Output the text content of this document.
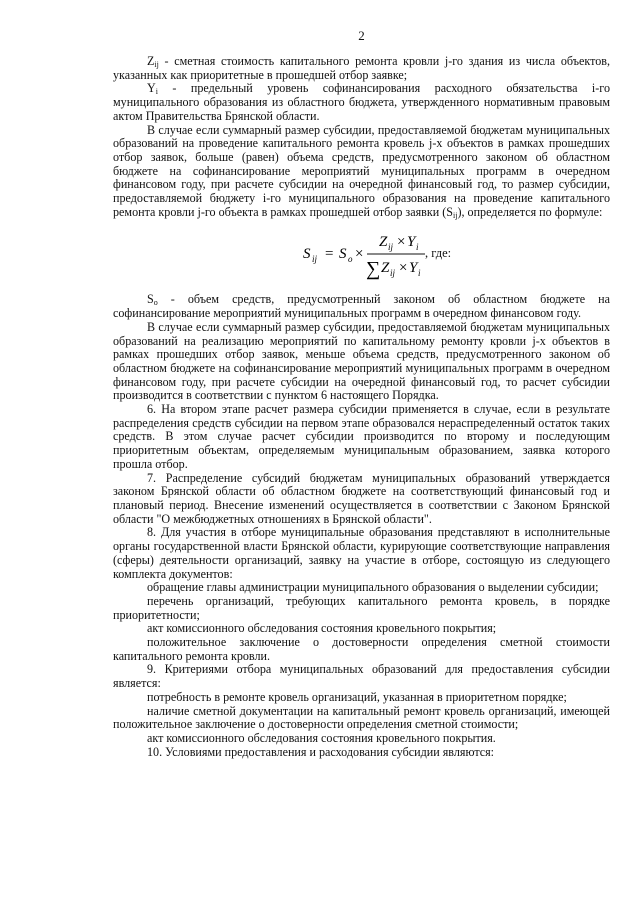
2

$Z_{ij}$ - сметная стоимость капитального ремонта кровли j-го здания из числа объектов, указанных как приоритетные в прошедшей отбор заявке;

$Y_i$ - предельный уровень софинансирования расходного обязательства i-го муниципального образования из областного бюджета, утвержденного нормативным правовым актом Правительства Брянской области.

В случае если суммарный размер субсидии, предоставляемой бюджетам муниципальных образований на проведение капитального ремонта кровель j-х объектов в рамках прошедших отбор заявок, больше (равен) объема средств, предусмотренного законом об областном бюджете на софинансирование мероприятий муниципальных программ в очередном финансовом году, при расчете субсидии на очередной финансовый год, то размер субсидии, предоставляемой бюджету i-го муниципального образования на проведение капитального ремонта кровли j-го объекта в рамках прошедшей отбор заявки $(S_{ij})$, определяется по формуле:

S ij = S o ×
Z ij × Y i
∑ Z ij × Y i
, где:

$S_o$ - объем средств, предусмотренный законом об областном бюджете на софинансирование мероприятий муниципальных программ в очередном финансовом году.

В случае если суммарный размер субсидии, предоставляемой бюджетам муниципальных образований на реализацию мероприятий по капитальному ремонту кровли j-х объектов в рамках прошедших отбор заявок, меньше объема средств, предусмотренного законом об областном бюджете на софинансирование мероприятий муниципальных программ в очередном финансовом году, при расчете субсидии на очередной финансовый год, то расчет субсидии производится в соответствии с пунктом 6 настоящего Порядка.

6. На втором этапе расчет размера субсидии применяется в случае, если в результате распределения средств субсидии на первом этапе образовался нераспределенный остаток таких средств. В этом случае расчет субсидии производится по второму и последующим приоритетным объектам, определяемым муниципальным образованием, заявка которого прошла отбор.

7. Распределение субсидий бюджетам муниципальных образований утверждается законом Брянской области об областном бюджете на соответствующий финансовый год и плановый период. Внесение изменений осуществляется в соответствии с Законом Брянской области "О межбюджетных отношениях в Брянской области".

8. Для участия в отборе муниципальные образования представляют в исполнительные органы государственной власти Брянской области, курирующие соответствующие направления (сферы) деятельности организаций, заявку на участие в отборе, состоящую из следующего комплекта документов:

обращение главы администрации муниципального образования о выделении субсидии;

перечень организаций, требующих капитального ремонта кровель, в порядке приоритетности;

акт комиссионного обследования состояния кровельного покрытия;

положительное заключение о достоверности определения сметной стоимости капитального ремонта кровли.

9. Критериями отбора муниципальных образований для предоставления субсидии является:

потребность в ремонте кровель организаций, указанная в приоритетном порядке;

наличие сметной документации на капитальный ремонт кровель организаций, имеющей положительное заключение о достоверности определения сметной стоимости;

акт комиссионного обследования состояния кровельного покрытия.

10. Условиями предоставления и расходования субсидии являются:
